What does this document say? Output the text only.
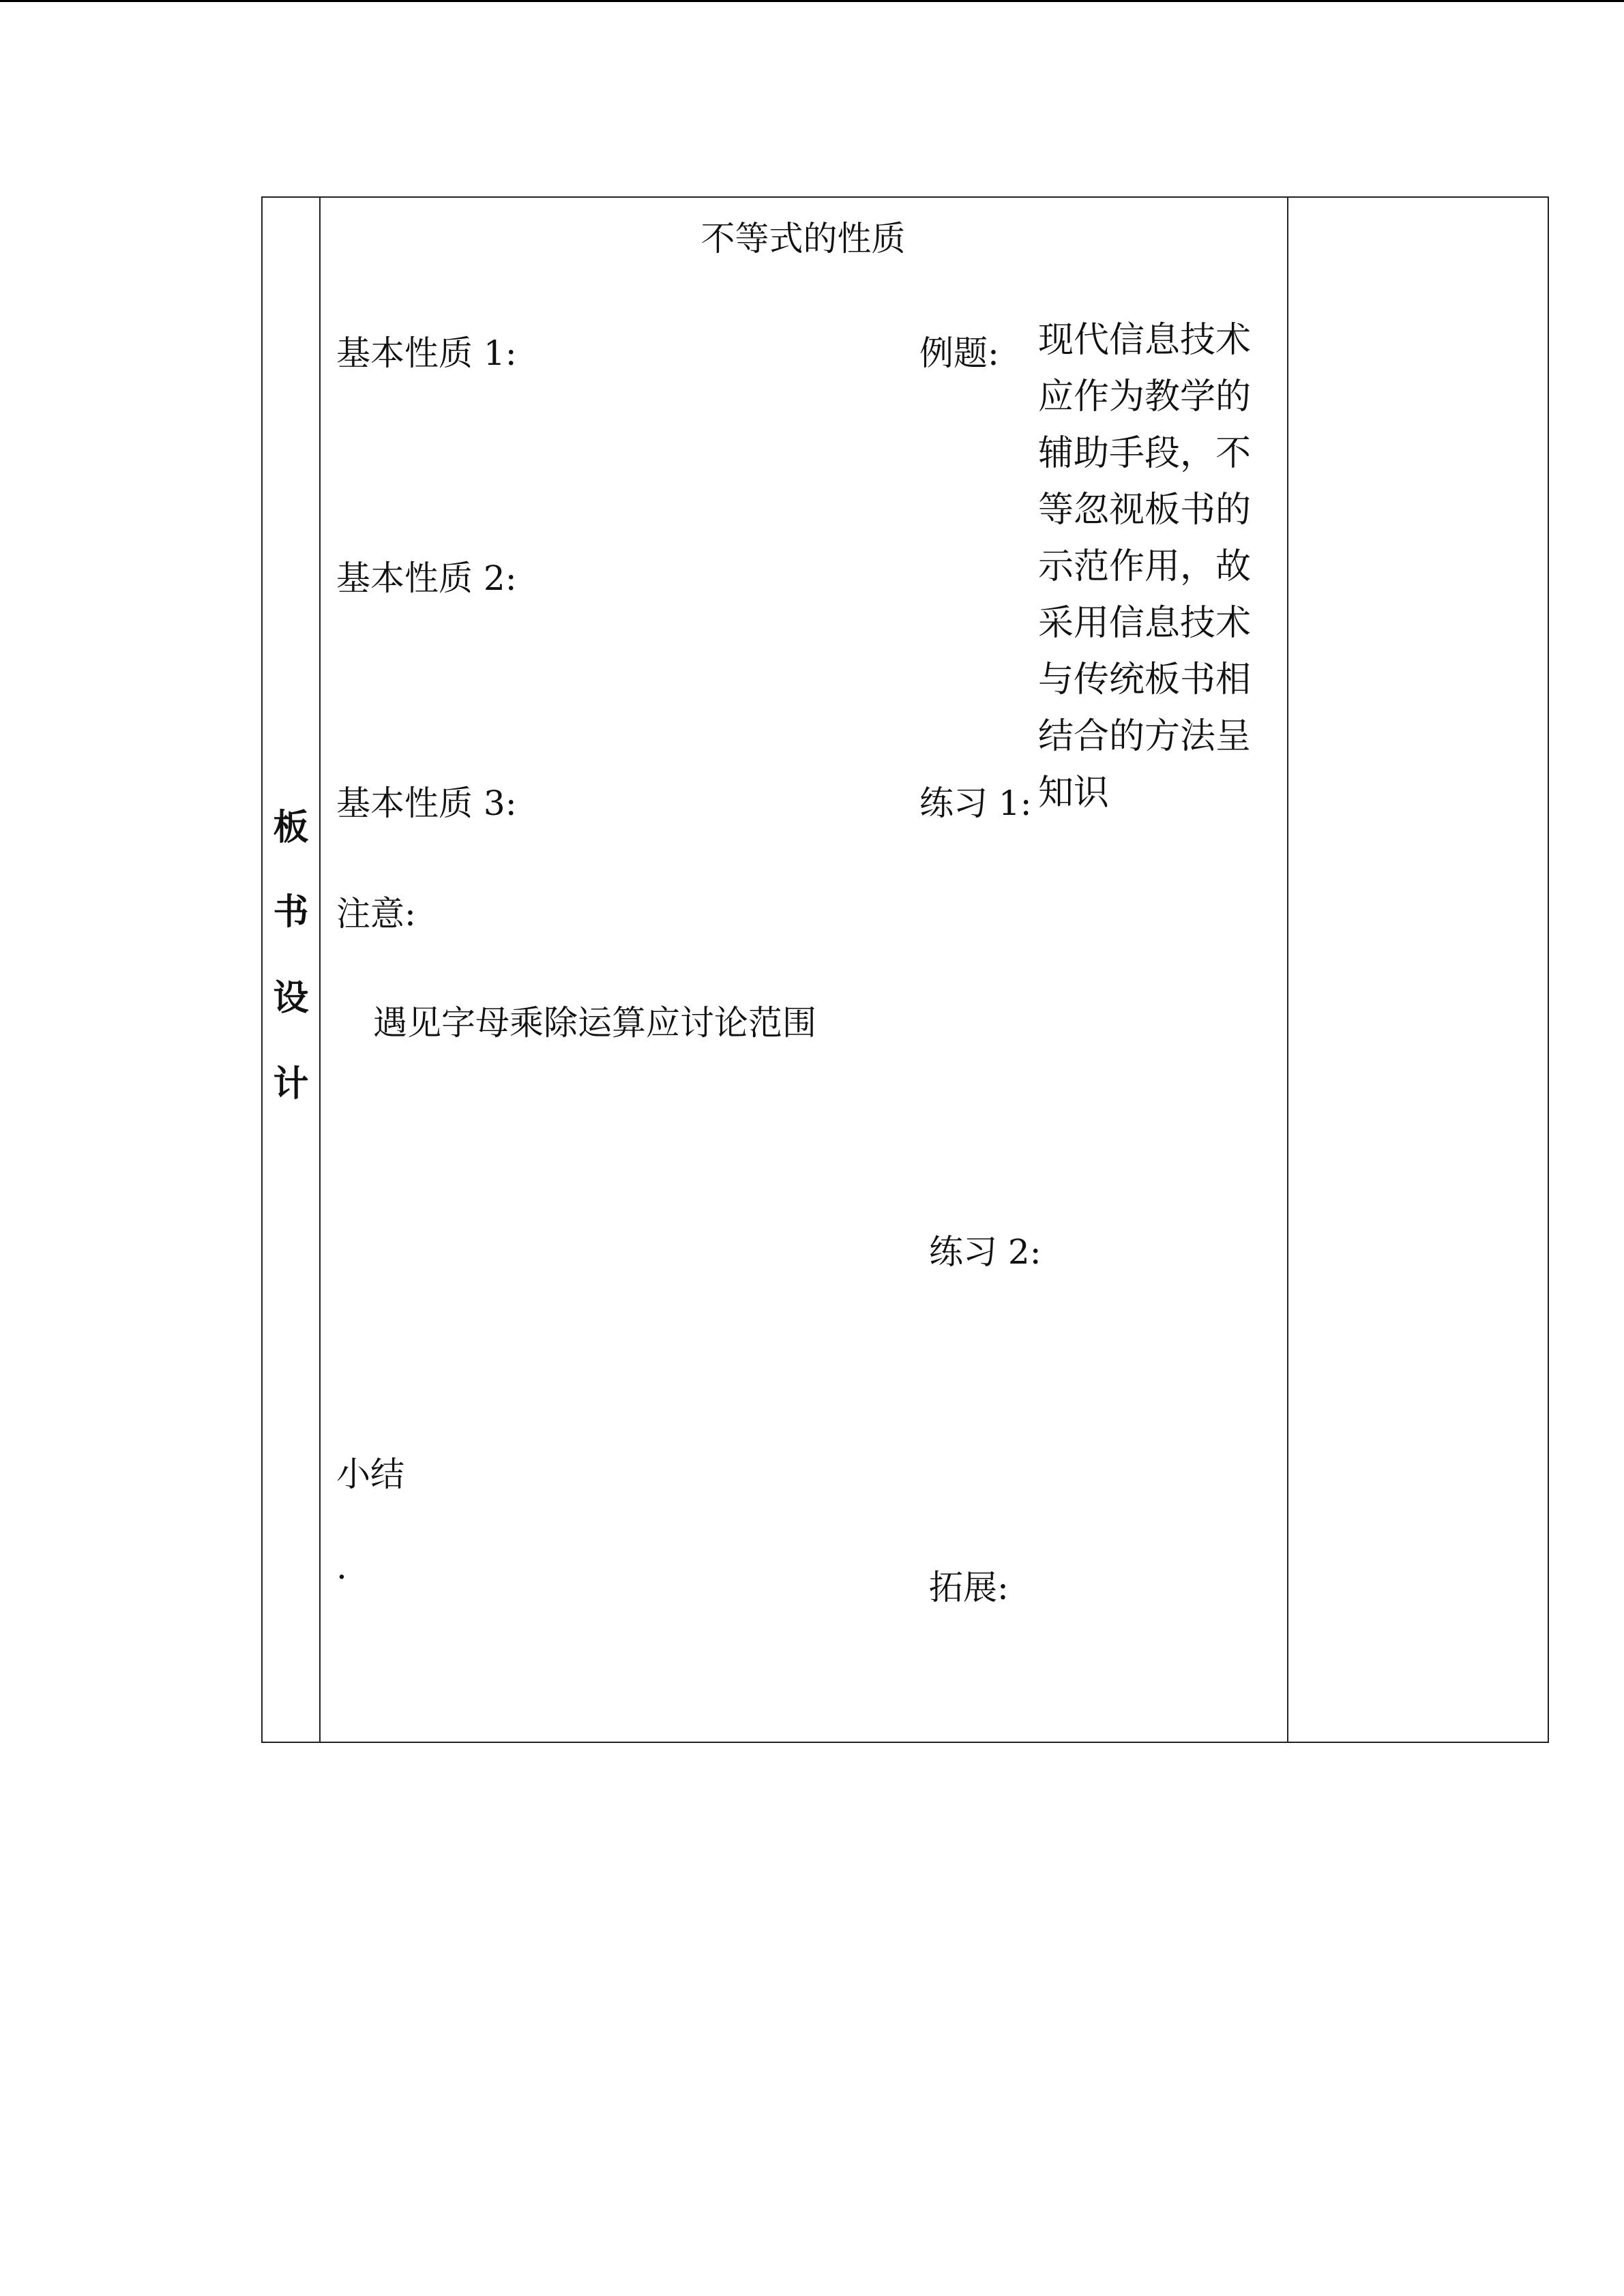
板
书
设
计
不等式的性质
基本性质 1:
基本性质 2:
基本性质 3:
注意:
遇见字母乘除运算应讨论范围
小结
.
例题:
练习 1:
练习 2:
拓展:
现代信息技术
应作为教学的
辅助手段，不
等忽视板书的
示范作用，故
采用信息技术
与传统板书相
结合的方法呈
知识
